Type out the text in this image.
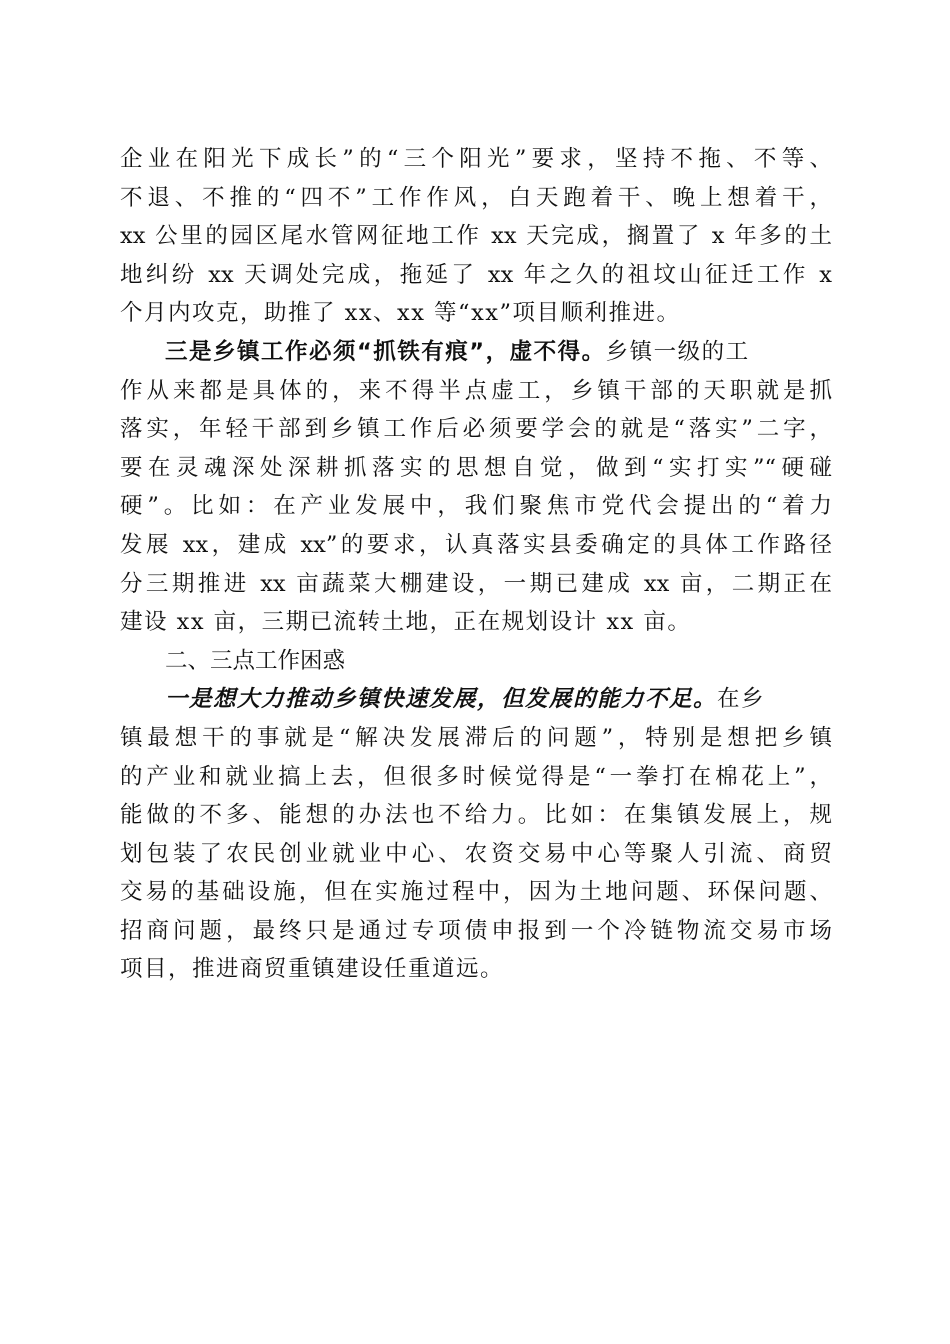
企业在阳光下成长”的“三个阳光”要求，坚持不拖、不等、
不退、不推的“四不”工作作风，白天跑着干、晚上想着干，
xx 公里的园区尾水管网征地工作 xx 天完成，搁置了 x 年多的土
地纠纷 xx 天调处完成，拖延了 xx 年之久的祖坟山征迁工作 x
个月内攻克，助推了 xx、xx 等“xx”项目顺利推进。
三是乡镇工作必须“抓铁有痕”，虚不得。乡镇一级的工
作从来都是具体的，来不得半点虚工，乡镇干部的天职就是抓
落实，年轻干部到乡镇工作后必须要学会的就是“落实”二字，
要在灵魂深处深耕抓落实的思想自觉，做到“实打实”“硬碰
硬”。比如：在产业发展中，我们聚焦市党代会提出的“着力
发展 xx，建成 xx”的要求，认真落实县委确定的具体工作路径
分三期推进 xx 亩蔬菜大棚建设，一期已建成 xx 亩，二期正在
建设 xx 亩，三期已流转土地，正在规划设计 xx 亩。
二、三点工作困惑
一是想大力推动乡镇快速发展，但发展的能力不足。在乡
镇最想干的事就是“解决发展滞后的问题”，特别是想把乡镇
的产业和就业搞上去，但很多时候觉得是“一拳打在棉花上”，
能做的不多、能想的办法也不给力。比如：在集镇发展上，规
划包装了农民创业就业中心、农资交易中心等聚人引流、商贸
交易的基础设施，但在实施过程中，因为土地问题、环保问题、
招商问题，最终只是通过专项债申报到一个冷链物流交易市场
项目，推进商贸重镇建设任重道远。
